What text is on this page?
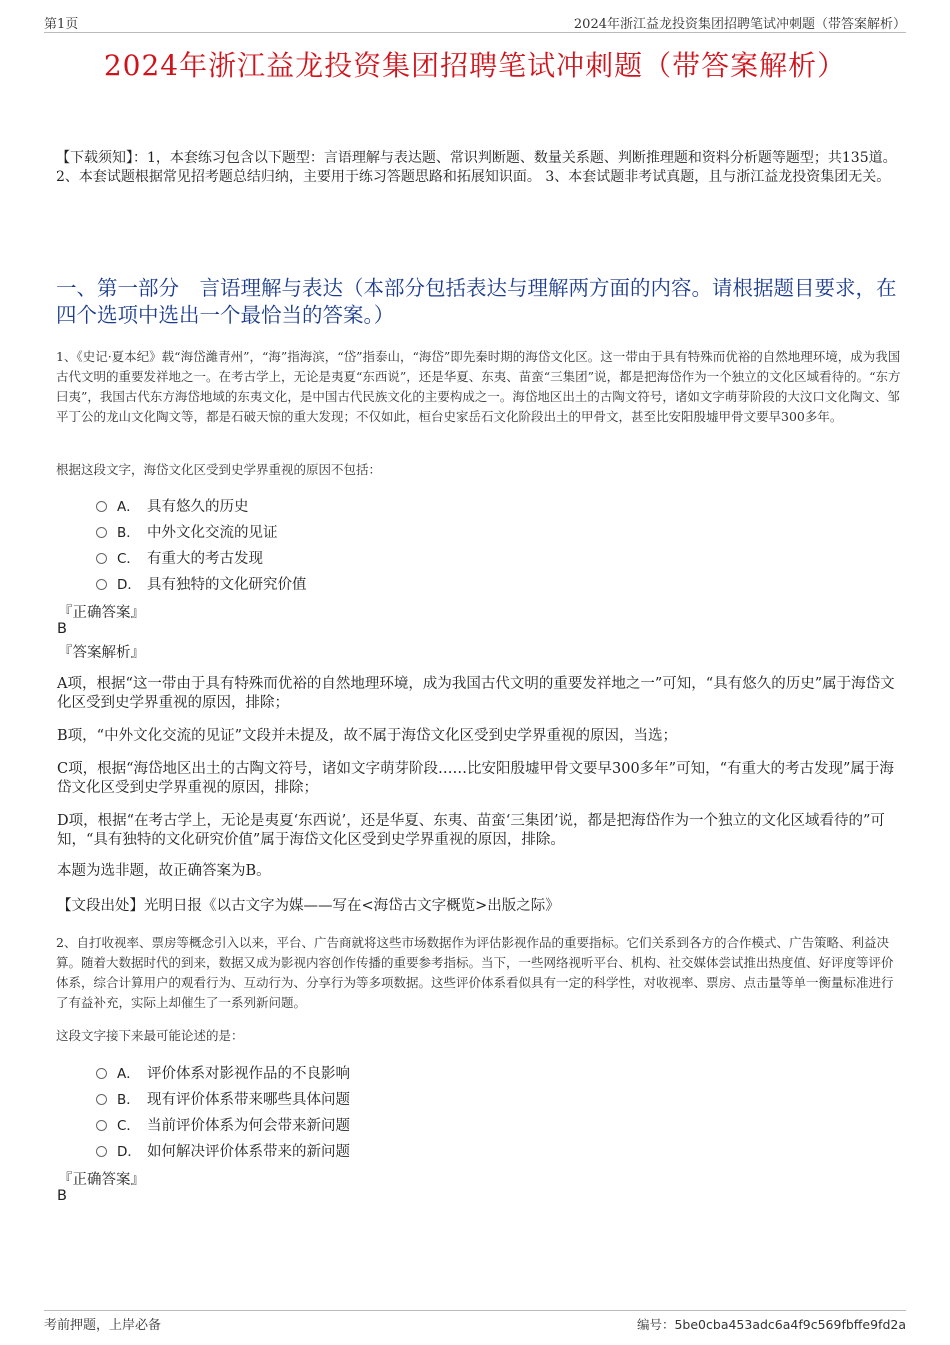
第1页	2024年浙江益龙投资集团招聘笔试冲刺题（带答案解析）
2024年浙江益龙投资集团招聘笔试冲刺题（带答案解析）
【下载须知】：1，本套练习包含以下题型：言语理解与表达题、常识判断题、数量关系题、判断推理题和资料分析题等题型；共135道。 2、本套试题根据常见招考题总结归纳，主要用于练习答题思路和拓展知识面。 3、本套试题非考试真题，且与浙江益龙投资集团无关。
一、第一部分　言语理解与表达（本部分包括表达与理解两方面的内容。请根据题目要求，在四个选项中选出一个最恰当的答案。）
1、《史记·夏本纪》载“海岱濰青州”，“海”指海滨，“岱”指泰山，“海岱”即先秦时期的海岱文化区。这一带由于具有特殊而优裕的自然地理环境，成为我国古代文明的重要发祥地之一。在考古学上，无论是夷夏“东西说”，还是华夏、东夷、苗蛮“三集团”说，都是把海岱作为一个独立的文化区域看待的。“东方曰夷”，我国古代东方海岱地域的东夷文化，是中国古代民族文化的主要构成之一。海岱地区出土的古陶文符号，诸如文字萌芽阶段的大汶口文化陶文、邹平丁公的龙山文化陶文等，都是石破天惊的重大发现；不仅如此，桓台史家岳石文化阶段出土的甲骨文，甚至比安阳殷墟甲骨文要早300多年。
根据这段文字，海岱文化区受到史学界重视的原因不包括：
A． 具有悠久的历史
B． 中外文化交流的见证
C． 有重大的考古发现
D． 具有独特的文化研究价值
『正确答案』
B
『答案解析』
A项，根据“这一带由于具有特殊而优裕的自然地理环境，成为我国古代文明的重要发祥地之一”可知，“具有悠久的历史”属于海岱文化区受到史学界重视的原因，排除；
B项，“中外文化交流的见证”文段并未提及，故不属于海岱文化区受到史学界重视的原因，当选；
C项，根据“海岱地区出土的古陶文符号，诸如文字萌芽阶段……比安阳殷墟甲骨文要早300多年”可知，“有重大的考古发现”属于海岱文化区受到史学界重视的原因，排除；
D项，根据“在考古学上，无论是夷夏‘东西说’，还是华夏、东夷、苗蛮‘三集团’说，都是把海岱作为一个独立的文化区域看待的”可知，“具有独特的文化研究价值”属于海岱文化区受到史学界重视的原因，排除。
本题为选非题，故正确答案为B。
【文段出处】光明日报《以古文字为媒——写在<海岱古文字概览>出版之际》
2、自打收视率、票房等概念引入以来，平台、广告商就将这些市场数据作为评估影视作品的重要指标。它们关系到各方的合作模式、广告策略、利益决算。随着大数据时代的到来，数据又成为影视内容创作传播的重要参考指标。当下，一些网络视听平台、机构、社交媒体尝试推出热度值、好评度等评价体系，综合计算用户的观看行为、互动行为、分享行为等多项数据。这些评价体系看似具有一定的科学性，对收视率、票房、点击量等单一衡量标准进行了有益补充，实际上却催生了一系列新问题。
这段文字接下来最可能论述的是：
A． 评价体系对影视作品的不良影响
B． 现有评价体系带来哪些具体问题
C． 当前评价体系为何会带来新问题
D． 如何解决评价体系带来的新问题
『正确答案』
B
考前押题，上岸必备	编号：5be0cba453adc6a4f9c569fbffe9fd2a
